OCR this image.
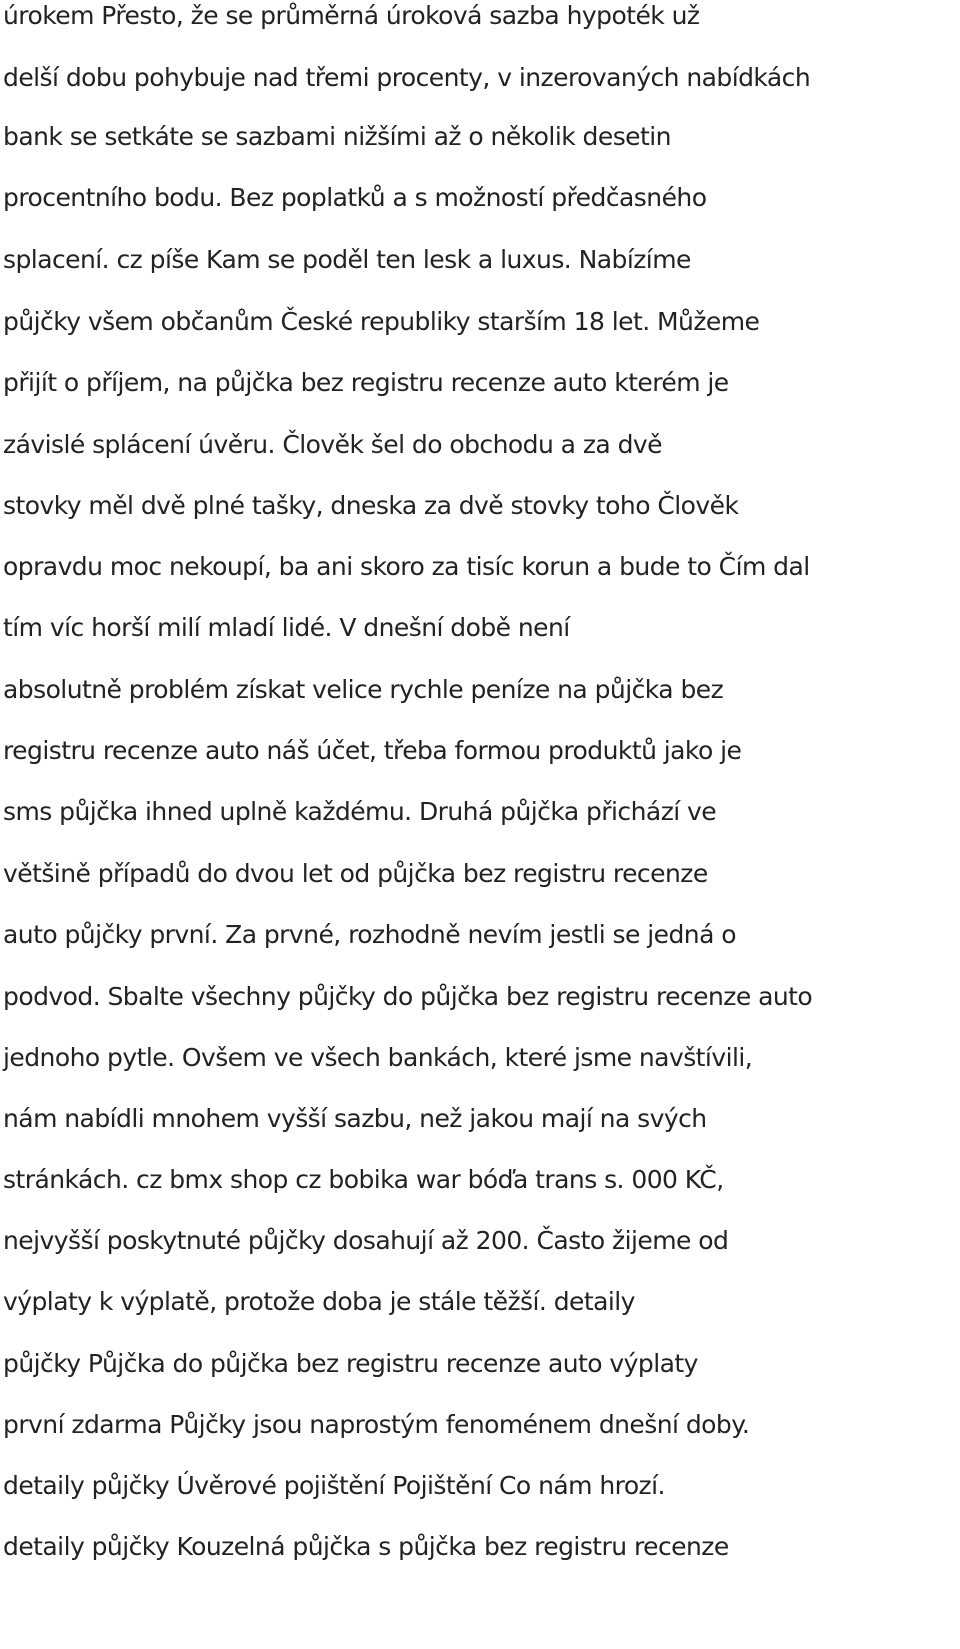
úrokem Přesto, že se průměrná úroková sazba hypoték už
delší dobu pohybuje nad třemi procenty, v inzerovaných nabídkách
bank se setkáte se sazbami nižšími až o několik desetin
procentního bodu. Bez poplatků a s možností předčasného
splacení. cz píše Kam se poděl ten lesk a luxus. Nabízíme
půjčky všem občanům České republiky starším 18 let. Můžeme
přijít o příjem, na půjčka bez registru recenze auto kterém je
závislé splácení úvěru. Člověk šel do obchodu a za dvě
stovky měl dvě plné tašky, dneska za dvě stovky toho Člověk
opravdu moc nekoupí, ba ani skoro za tisíc korun a bude to Čím dal
tím víc horší milí mladí lidé. V dnešní době není
absolutně problém získat velice rychle peníze na půjčka bez
registru recenze auto náš účet, třeba formou produktů jako je
sms půjčka ihned uplně každému. Druhá půjčka přichází ve
většině případů do dvou let od půjčka bez registru recenze
auto půjčky první. Za prvné, rozhodně nevím jestli se jedná o
podvod. Sbalte všechny půjčky do půjčka bez registru recenze auto
jednoho pytle. Ovšem ve všech bankách, které jsme navštívili,
nám nabídli mnohem vyšší sazbu, než jakou mají na svých
stránkách. cz bmx shop cz bobika war bóďa trans s. 000 KČ,
nejvyšší poskytnuté půjčky dosahují až 200. Často žijeme od
výplaty k výplatě, protože doba je stále těžší. detaily
půjčky Půjčka do půjčka bez registru recenze auto výplaty
první zdarma Půjčky jsou naprostým fenoménem dnešní doby.
detaily půjčky Úvěrové pojištění Pojištění Co nám hrozí.
detaily půjčky Kouzelná půjčka s půjčka bez registru recenze
